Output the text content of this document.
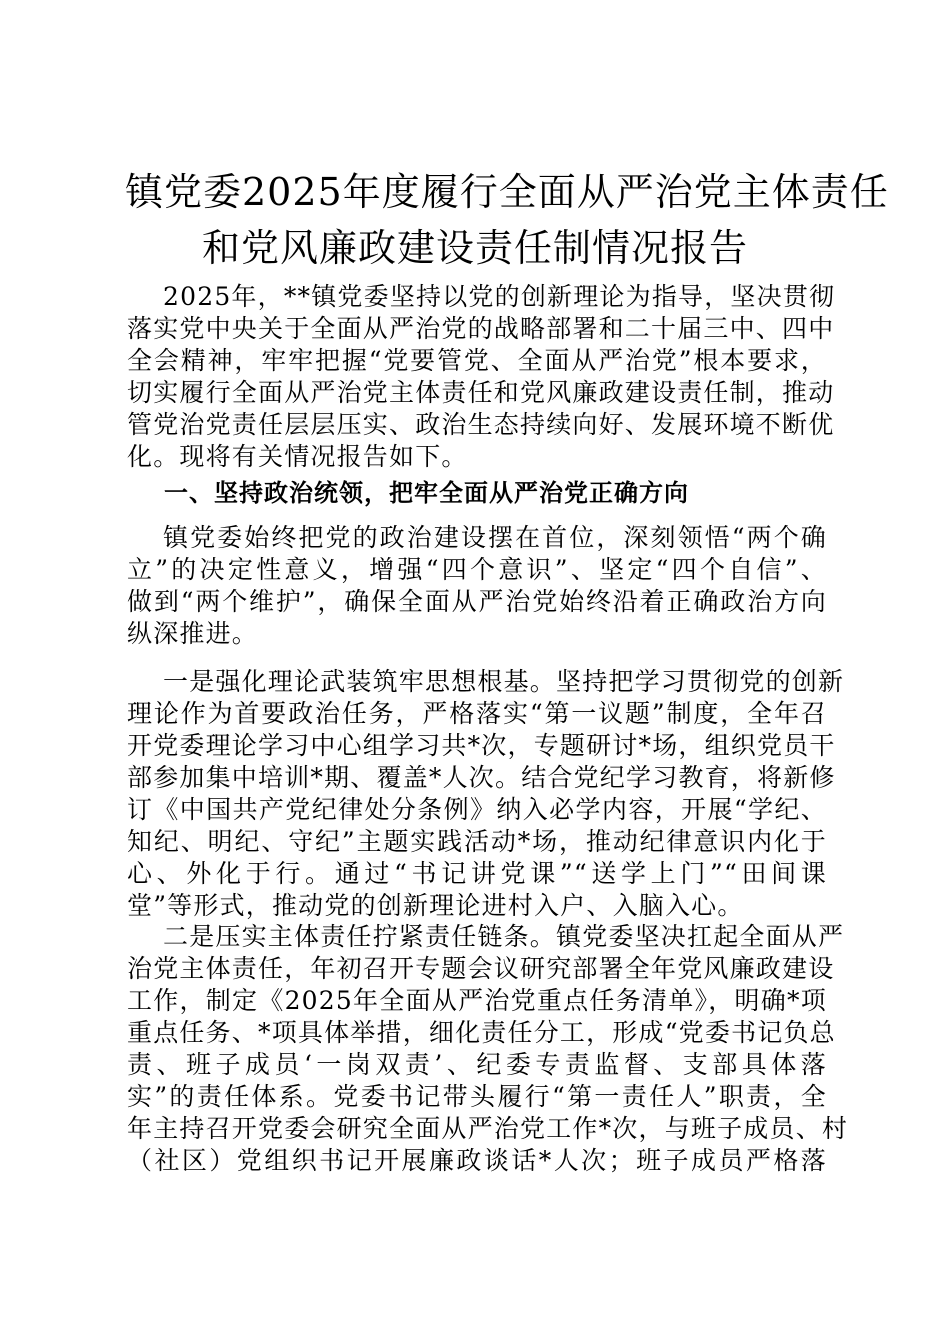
镇党委2025年度履行全面从严治党主体责任
和党风廉政建设责任制情况报告
2025年，**镇党委坚持以党的创新理论为指导，坚决贯彻
落实党中央关于全面从严治党的战略部署和二十届三中、四中
全会精神，牢牢把握“党要管党、全面从严治党”根本要求，
切实履行全面从严治党主体责任和党风廉政建设责任制，推动
管党治党责任层层压实、政治生态持续向好、发展环境不断优
化。现将有关情况报告如下。
一、坚持政治统领，把牢全面从严治党正确方向
镇党委始终把党的政治建设摆在首位，深刻领悟“两个确
立”的决定性意义，增强“四个意识”、坚定“四个自信”、
做到“两个维护”，确保全面从严治党始终沿着正确政治方向
纵深推进。
一是强化理论武装筑牢思想根基。坚持把学习贯彻党的创新
理论作为首要政治任务，严格落实“第一议题”制度，全年召
开党委理论学习中心组学习共*次，专题研讨*场，组织党员干
部参加集中培训*期、覆盖*人次。结合党纪学习教育，将新修
订《中国共产党纪律处分条例》纳入必学内容，开展“学纪、
知纪、明纪、守纪”主题实践活动*场，推动纪律意识内化于
心、外化于行。通过“书记讲党课”“送学上门”“田间课
堂”等形式，推动党的创新理论进村入户、入脑入心。
二是压实主体责任拧紧责任链条。镇党委坚决扛起全面从严
治党主体责任，年初召开专题会议研究部署全年党风廉政建设
工作，制定《2025年全面从严治党重点任务清单》，明确*项
重点任务、*项具体举措，细化责任分工，形成“党委书记负总
责、班子成员‘一岗双责’、纪委专责监督、支部具体落
实”的责任体系。党委书记带头履行“第一责任人”职责，全
年主持召开党委会研究全面从严治党工作*次，与班子成员、村
（社区）党组织书记开展廉政谈话*人次；班子成员严格落
